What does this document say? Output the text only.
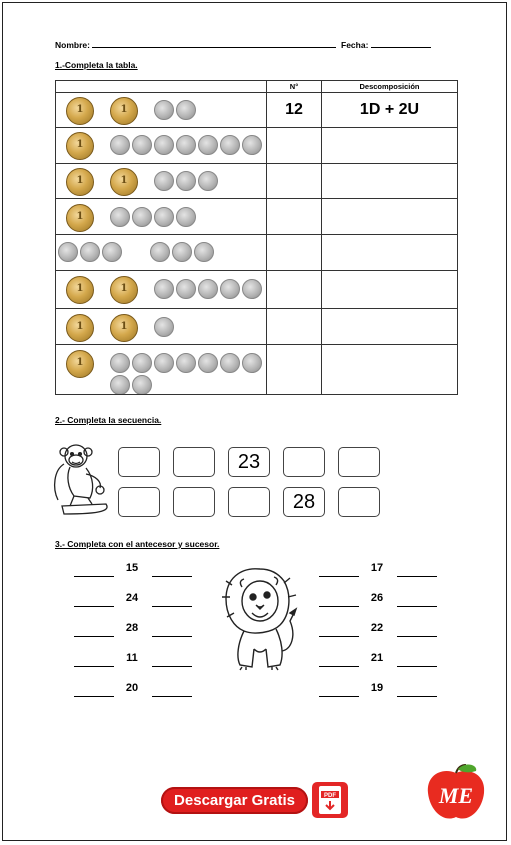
Nombre:	Fecha:
1.-Completa la tabla.
	N°	Descomposición

1 1	12	1D + 2U

1		

1 1		

1		

1 1		

1 1		

1		

2.- Completa la secuencia.
23
28
3.- Completa con el antecesor y sucesor.
15
24
28
11
20
17
26
22
21
19
Descargar Gratis	PDF	ME
